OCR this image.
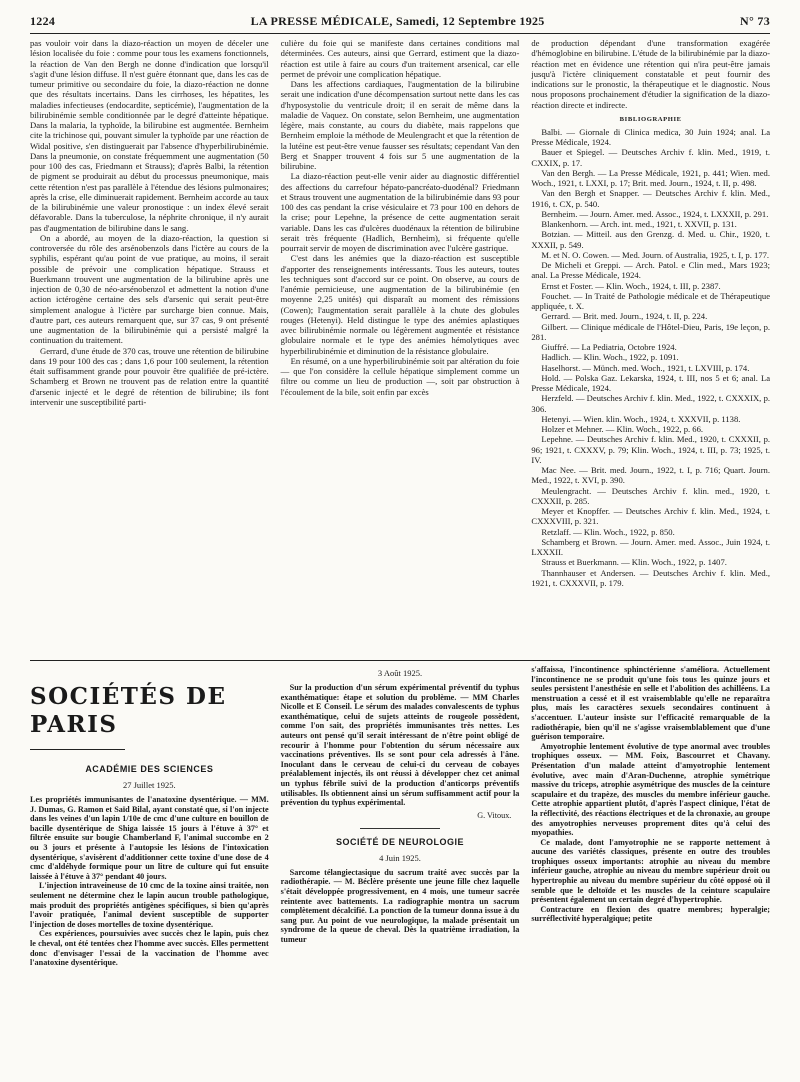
1224	LA PRESSE MÉDICALE, Samedi, 12 Septembre 1925	N° 73

pas vouloir voir dans la diazo-réaction un moyen de déceler une lésion localisée du foie : comme pour tous les examens fonctionnels, la réaction de Van den Bergh ne donne d'indication que lorsqu'il s'agit d'une lésion diffuse. Il n'est guère étonnant que, dans les cas de tumeur primitive ou secondaire du foie, la diazo-réaction ne donne que des résultats incertains. Dans les cirrhoses, les hépatites, les maladies infectieuses (endocardite, septicémie), l'augmentation de la bilirubinémie semble conditionnée par le degré d'atteinte hépatique. Dans la malaria, la typhoïde, la bilirubine est augmentée. Bernheim cite la trichinose qui, pouvant simuler la typhoïde par une réaction de Widal positive, s'en distinguerait par l'absence d'hyperbilirubinémie. Dans la pneumonie, on constate fréquemment une augmentation (50 pour 100 des cas, Friedmann et Strauss); d'après Balbi, la rétention de pigment se produirait au début du processus pneumonique, mais cette rétention n'est pas parallèle à l'étendue des lésions pulmonaires; après la crise, elle diminuerait rapidement. Bernheim accorde au taux de la bilirubinémie une valeur pronostique : un index élevé serait défavorable. Dans la tuberculose, la néphrite chronique, il n'y aurait pas d'augmentation de bilirubine dans le sang.

On a abordé, au moyen de la diazo-réaction, la question si controversée du rôle des arsénobenzols dans l'ictère au cours de la syphilis, espérant qu'au point de vue pratique, au moins, il serait possible de prévoir une complication hépatique. Strauss et Buerkmann trouvent une augmentation de la bilirubine après une injection de 0,30 de néo-arsénobenzol et admettent la notion d'une action ictérogène certaine des sels d'arsenic qui serait peut-être simplement analogue à l'ictère par surcharge bien connue. Mais, d'autre part, ces auteurs remarquent que, sur 37 cas, 9 ont présenté une augmentation de la bilirubinémie qui a persisté malgré la continuation du traitement.

Gerrard, d'une étude de 370 cas, trouve une rétention de bilirubine dans 19 pour 100 des cas ; dans 1,6 pour 100 seulement, la rétention était suffisamment grande pour pouvoir être qualifiée de pré-ictère. Schamberg et Brown ne trouvent pas de relation entre la quantité d'arsenic injecté et le degré de rétention de bilirubine; ils font intervenir une susceptibilité parti-

culière du foie qui se manifeste dans certaines conditions mal déterminées. Ces auteurs, ainsi que Gerrard, estiment que la diazo-réaction est utile à faire au cours d'un traitement arsenical, car elle permet de prévoir une complication hépatique.

Dans les affections cardiaques, l'augmentation de la bilirubine serait une indication d'une décompensation surtout nette dans les cas d'hyposystolie du ventricule droit; il en serait de même dans la maladie de Vaquez. On constate, selon Bernheim, une augmentation légère, mais constante, au cours du diabète, mais rappelons que Bernheim emploie la méthode de Meulengracht et que la rétention de la lutéine est peut-être venue fausser ses résultats; cependant Van den Berg et Snapper trouvent 4 fois sur 5 une augmentation de la bilirubine.

La diazo-réaction peut-elle venir aider au diagnostic différentiel des affections du carrefour hépato-pancréato-duodénal? Friedmann et Straus trouvent une augmentation de la bilirubinémie dans 93 pour 100 des cas pendant la crise vésiculaire et 73 pour 100 en dehors de la crise; pour Lepehne, la présence de cette augmentation serait variable. Dans les cas d'ulcères duodénaux la rétention de bilirubine serait très fréquente (Hadlich, Bernheim), si fréquente qu'elle pourrait servir de moyen de discrimination avec l'ulcère gastrique.

C'est dans les anémies que la diazo-réaction est susceptible d'apporter des renseignements intéressants. Tous les auteurs, toutes les techniques sont d'accord sur ce point. On observe, au cours de l'anémie pernicieuse, une augmentation de la bilirubinémie (en moyenne 2,25 unités) qui disparaît au moment des rémissions (Cowen); l'augmentation serait parallèle à la chute des globules rouges (Hetenyi). Held distingue le type des anémies aplastiques avec bilirubinémie normale ou légèrement augmentée et résistance globulaire normale et le type des anémies hémolytiques avec hyperbilirubinémie et diminution de la résistance globulaire.

En résumé, on a une hyperbilirubinémie soit par altération du foie — que l'on considère la cellule hépatique simplement comme un filtre ou comme un lieu de production —, soit par obstruction à l'écoulement de la bile, soit enfin par excès

de production dépendant d'une transformation exagérée d'hémoglobine en bilirubine. L'étude de la bilirubinémie par la diazo-réaction met en évidence une rétention qui n'ira peut-être jamais jusqu'à l'ictère cliniquement constatable et peut fournir des indications sur le pronostic, la thérapeutique et le diagnostic. Nous nous proposons prochainement d'étudier la signification de la diazo-réaction directe et indirecte.

BIBLIOGRAPHIE

Balbi. — Giornale di Clinica medica, 30 Juin 1924; anal. La Presse Médicale, 1924.

Bauer et Spiegel. — Deutsches Archiv f. klin. Med., 1919, t. CXXIX, p. 17.

Van den Bergh. — La Presse Médicale, 1921, p. 441; Wien. med. Woch., 1921, t. LXXI, p. 17; Brit. med. Journ., 1924, t. II, p. 498.

Van den Bergh et Snapper. — Deutsches Archiv f. klin. Med., 1916, t. CX, p. 540.

Bernheim. — Journ. Amer. med. Assoc., 1924, t. LXXXII, p. 291.

Blankenhorn. — Arch. int. med., 1921, t. XXVII, p. 131.

Botzian. — Mitteil. aus den Grenzg. d. Med. u. Chir., 1920, t. XXXII, p. 549.

M. et N. O. Cowen. — Med. Journ. of Australia, 1925, t. I, p. 177.

De Micheli et Greppi. — Arch. Patol. e Clin med., Mars 1923; anal. La Presse Médicale, 1924.

Ernst et Foster. — Klin. Woch., 1924, t. III, p. 2387.

Fouchet. — In Traité de Pathologie médicale et de Thérapeutique appliquée, t. X.

Gerrard. — Brit. med. Journ., 1924, t. II, p. 224.

Gilbert. — Clinique médicale de l'Hôtel-Dieu, Paris, 19e leçon, p. 281.

Giuffré. — La Pediatria, Octobre 1924.

Hadlich. — Klin. Woch., 1922, p. 1091.

Haselhorst. — Münch. med. Woch., 1921, t. LXVIII, p. 174.

Hold. — Polska Gaz. Lekarska, 1924, t. III, nos 5 et 6; anal. La Presse Médicale, 1924.

Herzfeld. — Deutsches Archiv f. klin. Med., 1922, t. CXXXIX, p. 306.

Hetenyi. — Wien. klin. Woch., 1924, t. XXXVII, p. 1138.

Holzer et Mehner. — Klin. Woch., 1922, p. 66.

Lepehne. — Deutsches Archiv f. klin. Med., 1920, t. CXXXII, p. 96; 1921, t. CXXXV, p. 79; Klin. Woch., 1924, t. III, p. 73; 1925, t. IV.

Mac Nee. — Brit. med. Journ., 1922, t. I, p. 716; Quart. Journ. Med., 1922, t. XVI, p. 390.

Meulengracht. — Deutsches Archiv f. klin. med., 1920, t. CXXXII, p. 285.

Meyer et Knopffer. — Deutsches Archiv f. klin. Med., 1924, t. CXXXVIII, p. 321.

Retzlaff. — Klin. Woch., 1922, p. 850.

Schamberg et Brown. — Journ. Amer. med. Assoc., Juin 1924, t. LXXXII.

Strauss et Buerkmann. — Klin. Woch., 1922, p. 1407.

Thannhauser et Andersen. — Deutsches Archiv f. klin. Med., 1921, t. CXXXVII, p. 179.

SOCIÉTÉS DE PARIS
ACADÉMIE DES SCIENCES
27 Juillet 1925.

Les propriétés immunisantes de l'anatoxine dysentérique. — MM. J. Dumas, G. Ramon et Saïd Bilal, ayant constaté que, si l'on injecte dans les veines d'un lapin 1/10e de cmc d'une culture en bouillon de bacille dysentérique de Shiga laissée 15 jours à l'étuve à 37° et filtrée ensuite sur bougie Chamberland F, l'animal succombe en 2 ou 3 jours et présente à l'autopsie les lésions de l'intoxication dysentérique, s'avisèrent d'additionner cette toxine d'une dose de 4 cmc d'aldéhyde formique pour un litre de culture qui fut ensuite laissée à l'étuve à 37° pendant 40 jours.

L'injection intraveineuse de 10 cmc de la toxine ainsi traitée, non seulement ne détermine chez le lapin aucun trouble pathologique, mais produit des propriétés antigènes spécifiques, si bien qu'après l'avoir pratiquée, l'animal devient susceptible de supporter l'injection de doses mortelles de toxine dysentérique.

Ces expériences, poursuivies avec succès chez le lapin, puis chez le cheval, ont été tentées chez l'homme avec succès. Elles permettent donc d'envisager l'essai de la vaccination de l'homme avec l'anatoxine dysentérique.

3 Août 1925.

Sur la production d'un sérum expérimental préventif du typhus exanthématique: étape et solution du problème. — MM Charles Nicolle et E Conseil. Le sérum des malades convalescents de typhus exanthématique, celui de sujets atteints de rougeole possèdent, comme l'on sait, des propriétés immunisantes très nettes. Les auteurs ont pensé qu'il serait intéressant de n'être point obligé de recourir à l'homme pour l'obtention du sérum nécessaire aux vaccinations préventives. Ils se sont pour cela adressés à l'âne. Inoculant dans le cerveau de celui-ci du cerveau de cobayes préalablement injectés, ils ont réussi à développer chez cet animal un typhus fébrile suivi de la production d'anticorps préventifs utilisables. Ils obtiennent ainsi un sérum suffisamment actif pour la prévention du typhus expérimental.

G. Vitoux.
SOCIÉTÉ DE NEUROLOGIE
4 Juin 1925.

Sarcome télangiectasique du sacrum traité avec succès par la radiothérapie. — M. Béclère présente une jeune fille chez laquelle s'était développée progressivement, en 4 mois, une tumeur sacrée reintente avec battements. La radiographie montra un sacrum complètement décalcifié. La ponction de la tumeur donna issue à du sang pur. Au point de vue neurologique, la malade présentait un syndrome de la queue de cheval. Dès la quatrième irradiation, la tumeur

s'affaissa, l'incontinence sphinctérienne s'améliora. Actuellement l'incontinence ne se produit qu'une fois tous les quinze jours et seules persistent l'anesthésie en selle et l'abolition des achilléens. La menstruation a cessé et il est vraisemblable qu'elle ne reparaîtra plus, mais les caractères sexuels secondaires continuent à s'accentuer. L'auteur insiste sur l'efficacité remarquable de la radiothérapie, bien qu'il ne s'agisse vraisemblablement que d'une guérison temporaire.

Amyotrophie lentement évolutive de type anormal avec troubles trophiques osseux. — MM. Foix, Bascourret et Chavany. Présentation d'un malade atteint d'amyotrophie lentement évolutive, avec main d'Aran-Duchenne, atrophie symétrique massive du triceps, atrophie asymétrique des muscles de la ceinture scapulaire et du trapèze, des muscles du membre inférieur gauche. Cette atrophie appartient plutôt, d'après l'aspect clinique, l'état de la réflectivité, des réactions électriques et de la chronaxie, au groupe des amyotrophies nerveuses proprement dites qu'à celui des myopathies.

Ce malade, dont l'amyotrophie ne se rapporte nettement à aucune des variétés classiques, présente en outre des troubles trophiques osseux importants: atrophie au niveau du membre inférieur gauche, atrophie au niveau du membre supérieur droit ou hypertrophie au niveau du membre supérieur du côté opposé où il semble que le deltoïde et les muscles de la ceinture scapulaire présentent également un certain degré d'hypertrophie.

Contracture en flexion des quatre membres; hyperalgie; surréflectivité hyperalgique; petite
